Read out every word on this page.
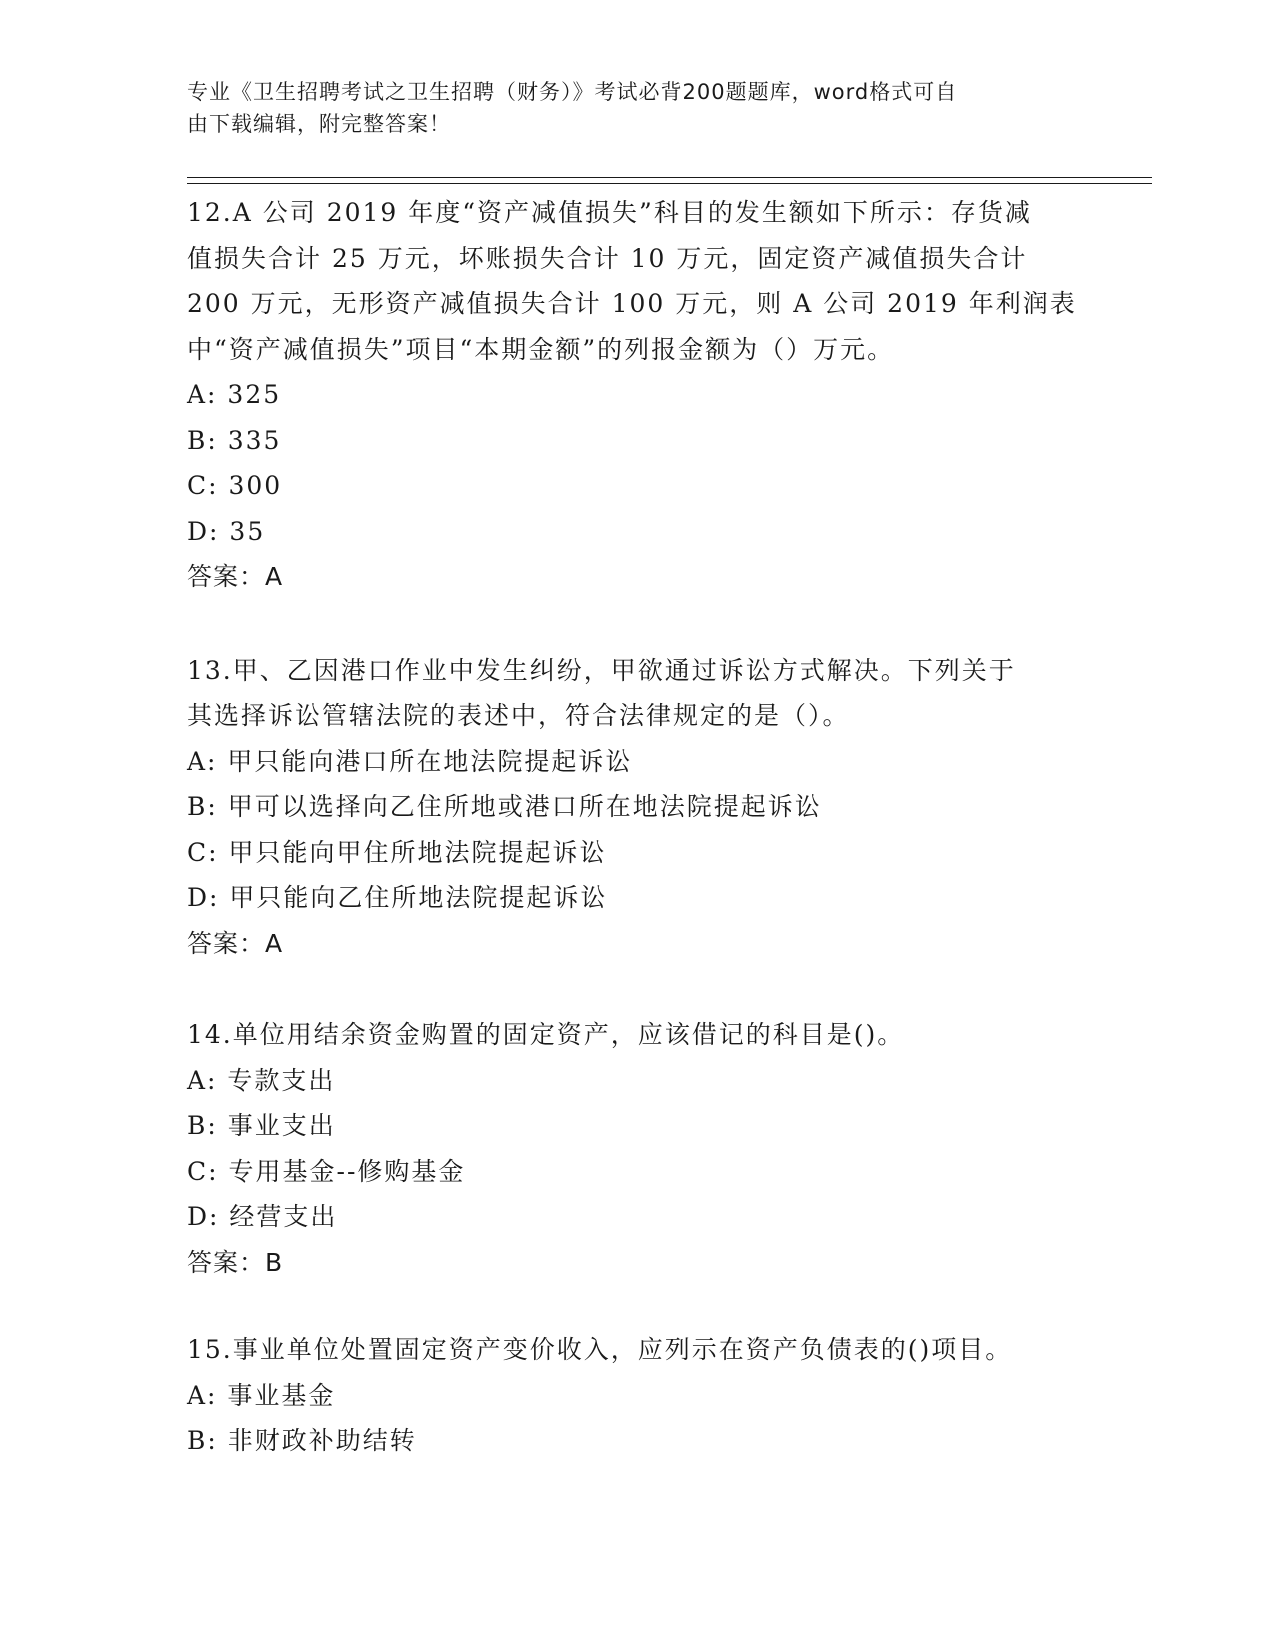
专业《卫生招聘考试之卫生招聘（财务）》考试必背200题题库，word格式可自
由下载编辑，附完整答案！
12.A 公司 2019 年度“资产减值损失”科目的发生额如下所示：存货减
值损失合计 25 万元，坏账损失合计 10 万元，固定资产减值损失合计
200 万元，无形资产减值损失合计 100 万元，则 A 公司 2019 年利润表
中“资产减值损失”项目“本期金额”的列报金额为（）万元。
A: 325
B: 335
C: 300
D: 35
答案：A
13.甲、乙因港口作业中发生纠纷，甲欲通过诉讼方式解决。下列关于
其选择诉讼管辖法院的表述中，符合法律规定的是（）。
A: 甲只能向港口所在地法院提起诉讼
B: 甲可以选择向乙住所地或港口所在地法院提起诉讼
C: 甲只能向甲住所地法院提起诉讼
D: 甲只能向乙住所地法院提起诉讼
答案：A
14.单位用结余资金购置的固定资产，应该借记的科目是()。
A: 专款支出
B: 事业支出
C: 专用基金--修购基金
D: 经营支出
答案：B
15.事业单位处置固定资产变价收入，应列示在资产负债表的()项目。
A: 事业基金
B: 非财政补助结转
